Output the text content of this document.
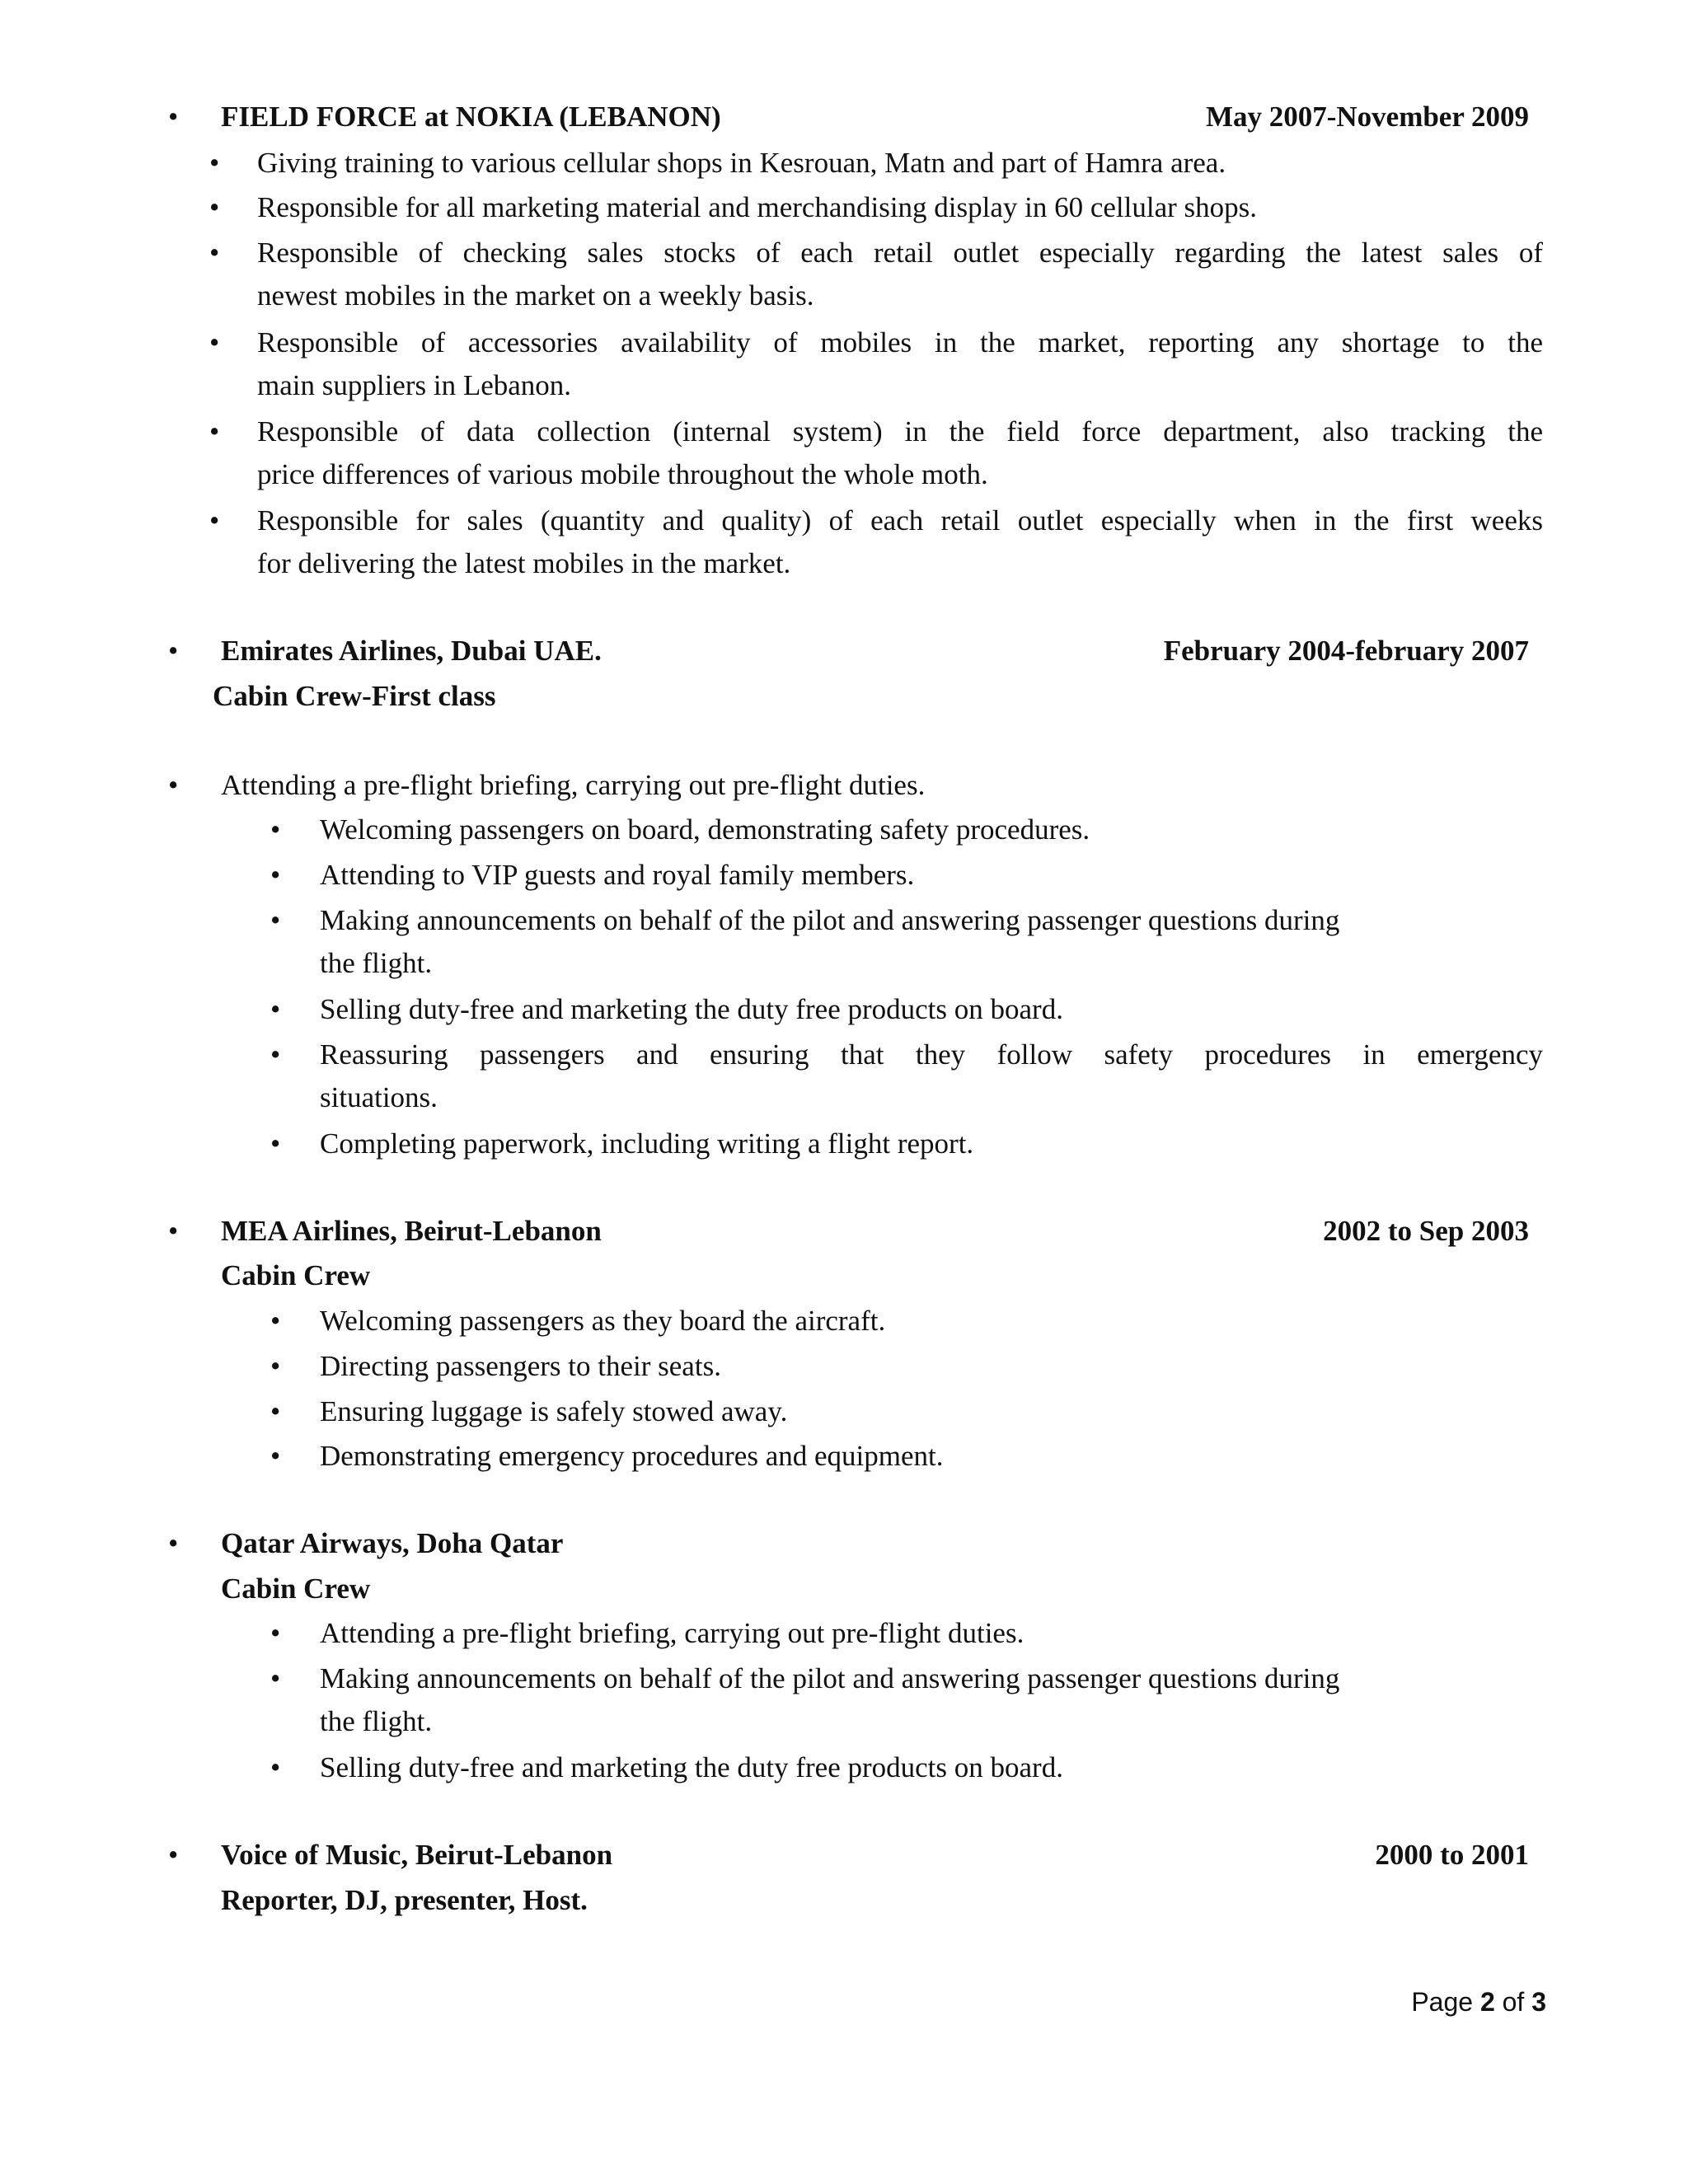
• FIELD FORCE at NOKIA (LEBANON)	May 2007-November 2009
• Giving training to various cellular shops in Kesrouan, Matn and part of Hamra area.
• Responsible for all marketing material and merchandising display in 60 cellular shops.
• Responsible of checking sales stocks of each retail outlet especially regarding the latest sales of
newest mobiles in the market on a weekly basis.
• Responsible of accessories availability of mobiles in the market, reporting any shortage to the
main suppliers in Lebanon.
• Responsible of data collection (internal system) in the field force department, also tracking the
price differences of various mobile throughout the whole moth.
• Responsible for sales (quantity and quality) of each retail outlet especially when in the first weeks
for delivering the latest mobiles in the market.
• Emirates Airlines, Dubai UAE.	February 2004-february 2007
Cabin Crew-First class
• Attending a pre-flight briefing, carrying out pre-flight duties.
• Welcoming passengers on board, demonstrating safety procedures.
• Attending to VIP guests and royal family members.
• Making announcements on behalf of the pilot and answering passenger questions during
the flight.
• Selling duty-free and marketing the duty free products on board.
• Reassuring passengers and ensuring that they follow safety procedures in emergency
situations.
• Completing paperwork, including writing a flight report.
• MEA Airlines, Beirut-Lebanon	2002 to Sep 2003
Cabin Crew
• Welcoming passengers as they board the aircraft.
• Directing passengers to their seats.
• Ensuring luggage is safely stowed away.
• Demonstrating emergency procedures and equipment.
• Qatar Airways, Doha Qatar
Cabin Crew
• Attending a pre-flight briefing, carrying out pre-flight duties.
• Making announcements on behalf of the pilot and answering passenger questions during
the flight.
• Selling duty-free and marketing the duty free products on board.
• Voice of Music, Beirut-Lebanon	2000 to 2001
Reporter, DJ, presenter, Host.
Page 2 of 3
